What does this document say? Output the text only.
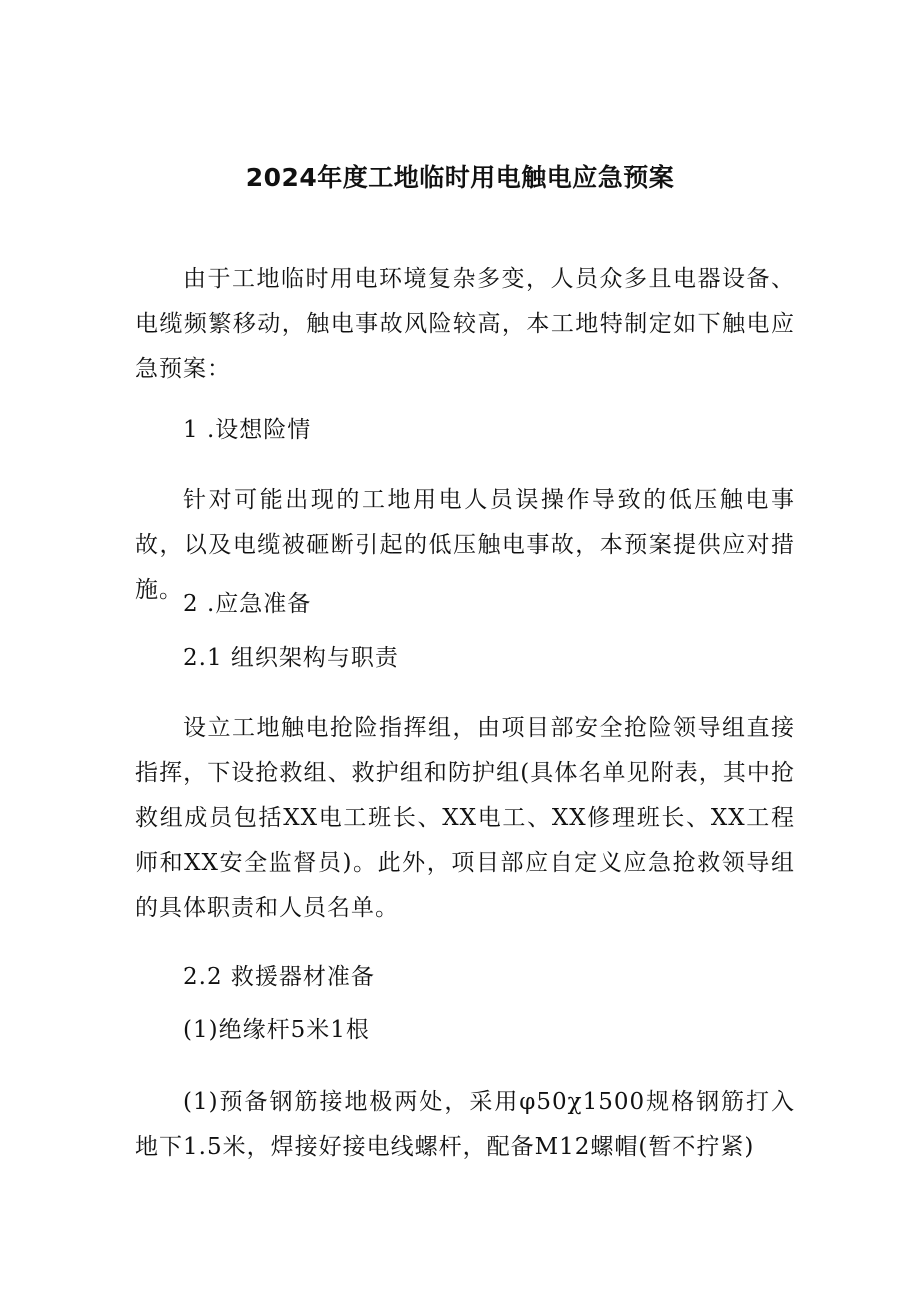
2024年度工地临时用电触电应急预案

由于工地临时用电环境复杂多变，人员众多且电器设备、电缆频繁移动，触电事故风险较高，本工地特制定如下触电应急预案：

1 .设想险情

针对可能出现的工地用电人员误操作导致的低压触电事故，以及电缆被砸断引起的低压触电事故，本预案提供应对措施。

2 .应急准备

2.1 组织架构与职责

设立工地触电抢险指挥组，由项目部安全抢险领导组直接指挥，下设抢救组、救护组和防护组(具体名单见附表，其中抢救组成员包括XX电工班长、XX电工、XX修理班长、XX工程师和XX安全监督员)。此外，项目部应自定义应急抢救领导组的具体职责和人员名单。

2.2 救援器材准备

(1)绝缘杆5米1根

(1)预备钢筋接地极两处，采用φ50χ1500规格钢筋打入地下1.5米，焊接好接电线螺杆，配备M12螺帽(暂不拧紧)
